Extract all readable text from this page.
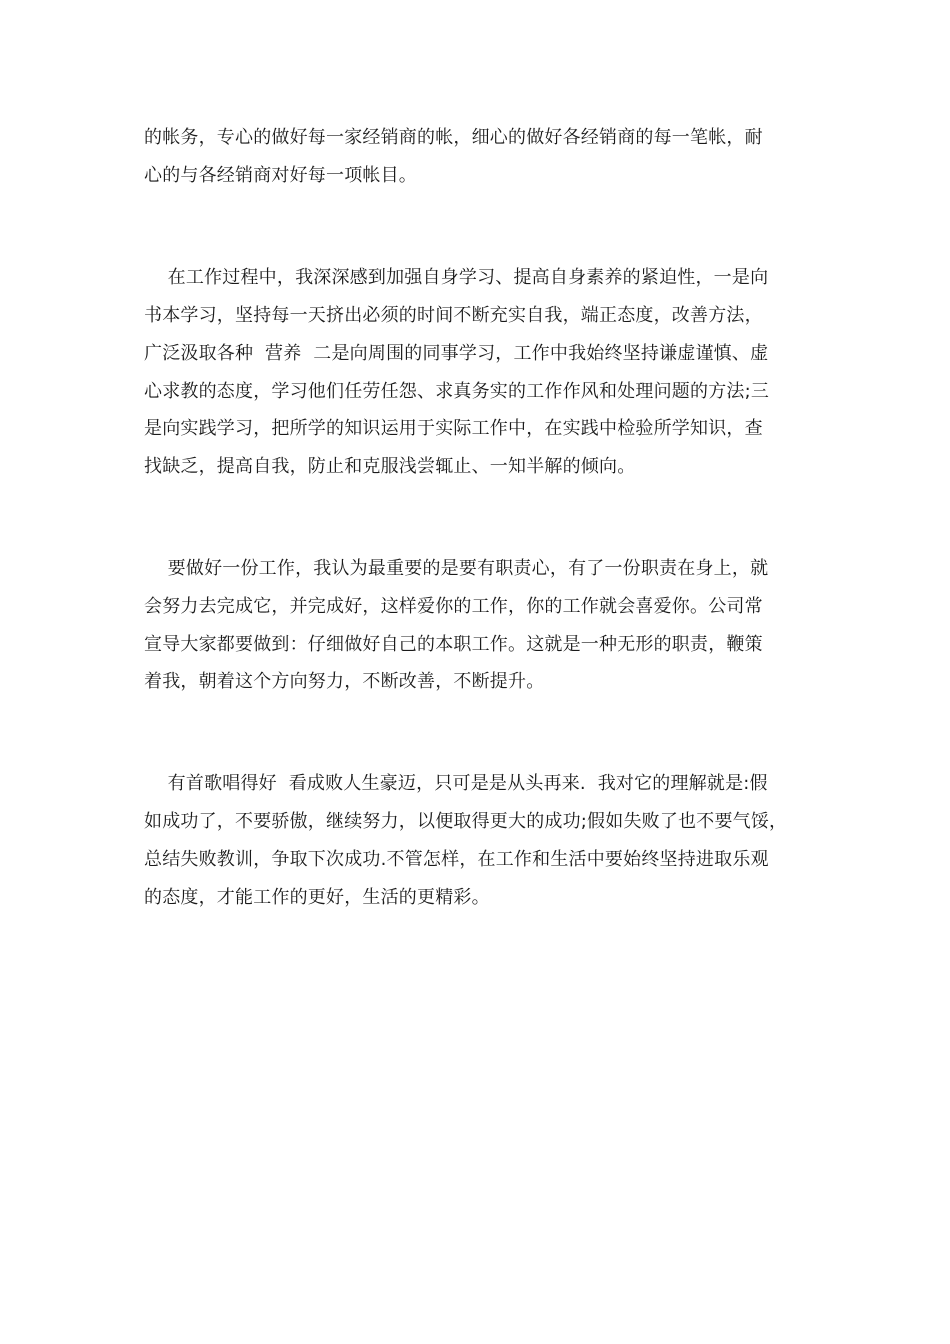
的帐务，专心的做好每一家经销商的帐，细心的做好各经销商的每一笔帐，耐

心的与各经销商对好每一项帐目。

在工作过程中，我深深感到加强自身学习、提高自身素养的紧迫性，一是向

书本学习，坚持每一天挤出必须的时间不断充实自我，端正态度，改善方法，

广泛汲取各种  营养  二是向周围的同事学习，工作中我始终坚持谦虚谨慎、虚

心求教的态度，学习他们任劳任怨、求真务实的工作作风和处理问题的方法;三

是向实践学习，把所学的知识运用于实际工作中，在实践中检验所学知识，查

找缺乏，提高自我，防止和克服浅尝辄止、一知半解的倾向。

要做好一份工作，我认为最重要的是要有职责心，有了一份职责在身上，就

会努力去完成它，并完成好，这样爱你的工作，你的工作就会喜爱你。公司常

宣导大家都要做到：仔细做好自己的本职工作。这就是一种无形的职责，鞭策

着我，朝着这个方向努力，不断改善，不断提升。

有首歌唱得好  看成败人生豪迈，只可是是从头再来.  我对它的理解就是:假

如成功了，不要骄傲，继续努力，以便取得更大的成功;假如失败了也不要气馁，

总结失败教训，争取下次成功.不管怎样，在工作和生活中要始终坚持进取乐观

的态度，才能工作的更好，生活的更精彩。
